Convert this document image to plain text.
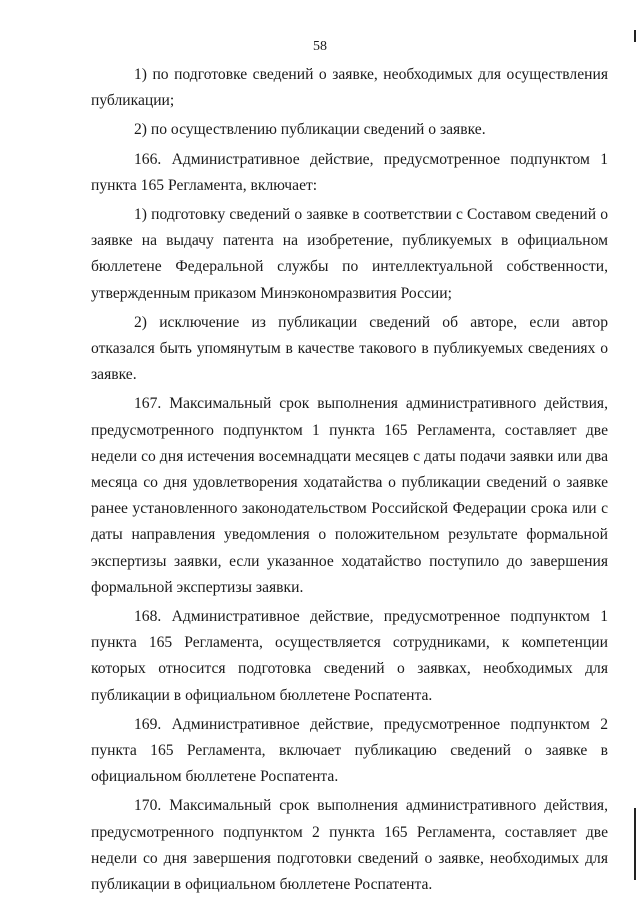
58

1) по подготовке сведений о заявке, необходимых для осуществления публикации;

2) по осуществлению публикации сведений о заявке.

166. Административное действие, предусмотренное подпунктом 1 пункта 165 Регламента, включает:

1) подготовку сведений о заявке в соответствии с Составом сведений о заявке на выдачу патента на изобретение, публикуемых в официальном бюллетене Федеральной службы по интеллектуальной собственности, утвержденным приказом Минэкономразвития России;

2) исключение из публикации сведений об авторе, если автор отказался быть упомянутым в качестве такового в публикуемых сведениях о заявке.

167. Максимальный срок выполнения административного действия, предусмотренного подпунктом 1 пункта 165 Регламента, составляет две недели со дня истечения восемнадцати месяцев с даты подачи заявки или два месяца со дня удовлетворения ходатайства о публикации сведений о заявке ранее установленного законодательством Российской Федерации срока или с даты направления уведомления о положительном результате формальной экспертизы заявки, если указанное ходатайство поступило до завершения формальной экспертизы заявки.

168. Административное действие, предусмотренное подпунктом 1 пункта 165 Регламента, осуществляется сотрудниками, к компетенции которых относится подготовка сведений о заявках, необходимых для публикации в официальном бюллетене Роспатента.

169. Административное действие, предусмотренное подпунктом 2 пункта 165 Регламента, включает публикацию сведений о заявке в официальном бюллетене Роспатента.

170. Максимальный срок выполнения административного действия, предусмотренного подпунктом 2 пункта 165 Регламента, составляет две недели со дня завершения подготовки сведений о заявке, необходимых для публикации в официальном бюллетене Роспатента.
